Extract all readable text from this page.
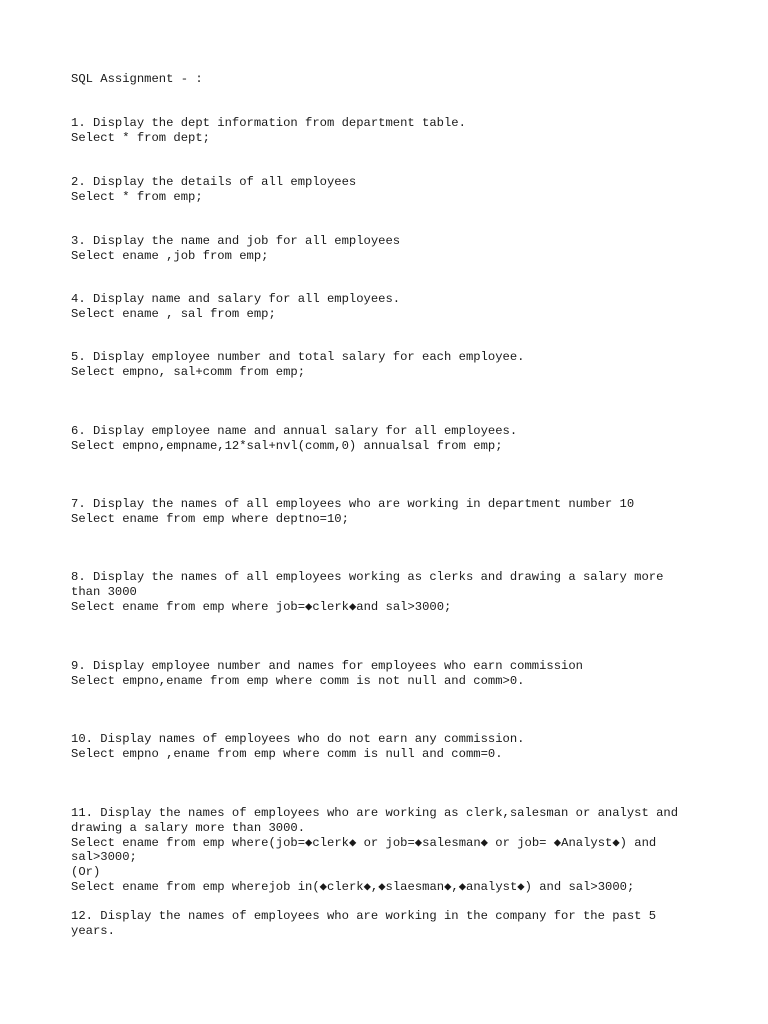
SQL Assignment - :
1. Display the dept information from department table.
Select * from dept;
2. Display the details of all employees
Select * from emp;
3. Display the name and job for all employees
Select ename ,job from emp;
4. Display name and salary for all employees.
Select ename , sal from emp;
5. Display employee number and total salary for each employee.
Select empno, sal+comm from emp;
6. Display employee name and annual salary for all employees.
Select empno,empname,12*sal+nvl(comm,0) annualsal from emp;
7. Display the names of all employees who are working in department number 10
Select ename from emp where deptno=10;
8. Display the names of all employees working as clerks and drawing a salary more
than 3000
Select ename from emp where job=◆clerk◆and sal>3000;
9. Display employee number and names for employees who earn commission
Select empno,ename from emp where comm is not null and comm>0.
10. Display names of employees who do not earn any commission.
Select empno ,ename from emp where comm is null and comm=0.
11. Display the names of employees who are working as clerk,salesman or analyst and
drawing a salary more than 3000.
Select ename from emp where(job=◆clerk◆ or job=◆salesman◆ or job= ◆Analyst◆) and
sal>3000;
(Or)
Select ename from emp wherejob in(◆clerk◆,◆slaesman◆,◆analyst◆) and sal>3000;
12. Display the names of employees who are working in the company for the past 5
years.
